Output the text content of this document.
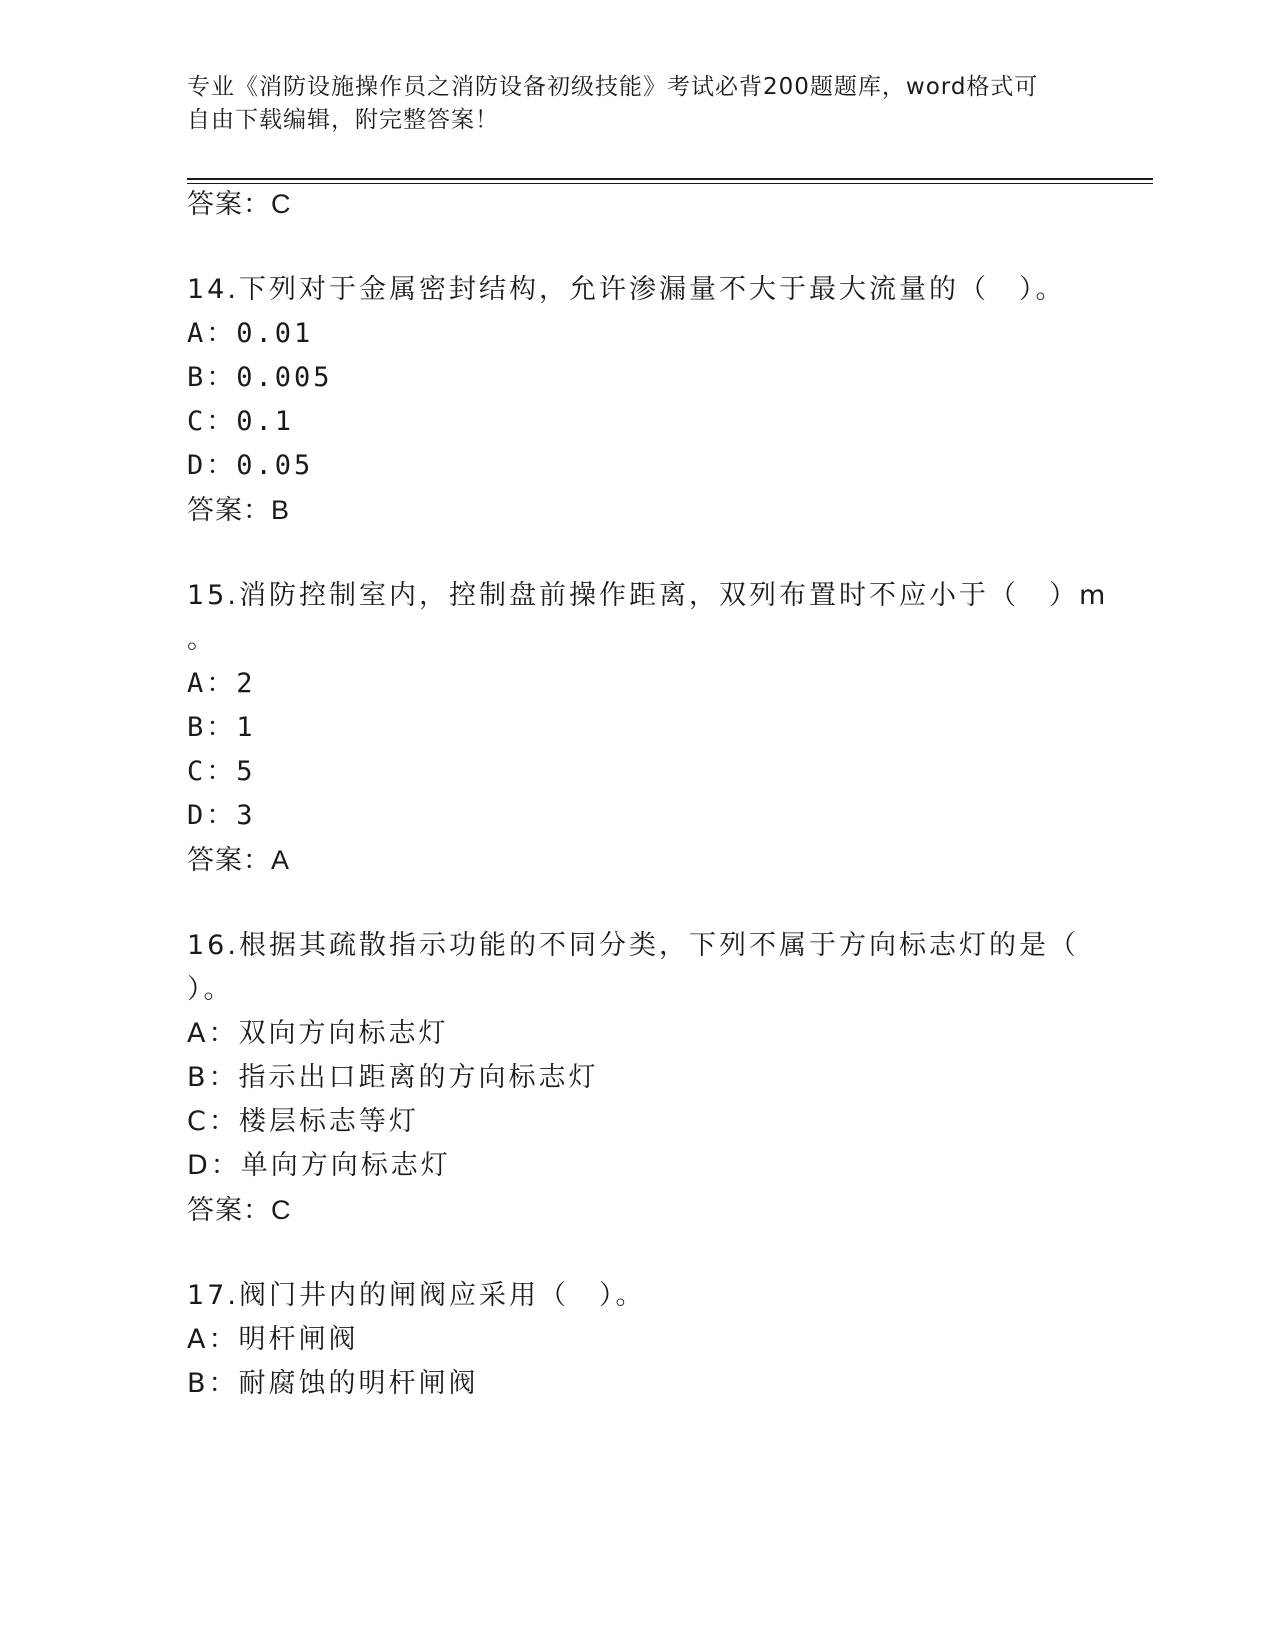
专业《消防设施操作员之消防设备初级技能》考试必背200题题库，word格式可
自由下载编辑，附完整答案！
答案：C
14.下列对于金属密封结构，允许渗漏量不大于最大流量的（　）。
A：0.01
B：0.005
C：0.1
D：0.05
答案：B
15.消防控制室内，控制盘前操作距离，双列布置时不应小于（　）m
。
A：2
B：1
C：5
D：3
答案：A
16.根据其疏散指示功能的不同分类，下列不属于方向标志灯的是（
）。
A：双向方向标志灯
B：指示出口距离的方向标志灯
C：楼层标志等灯
D：单向方向标志灯
答案：C
17.阀门井内的闸阀应采用（　）。
A：明杆闸阀
B：耐腐蚀的明杆闸阀
